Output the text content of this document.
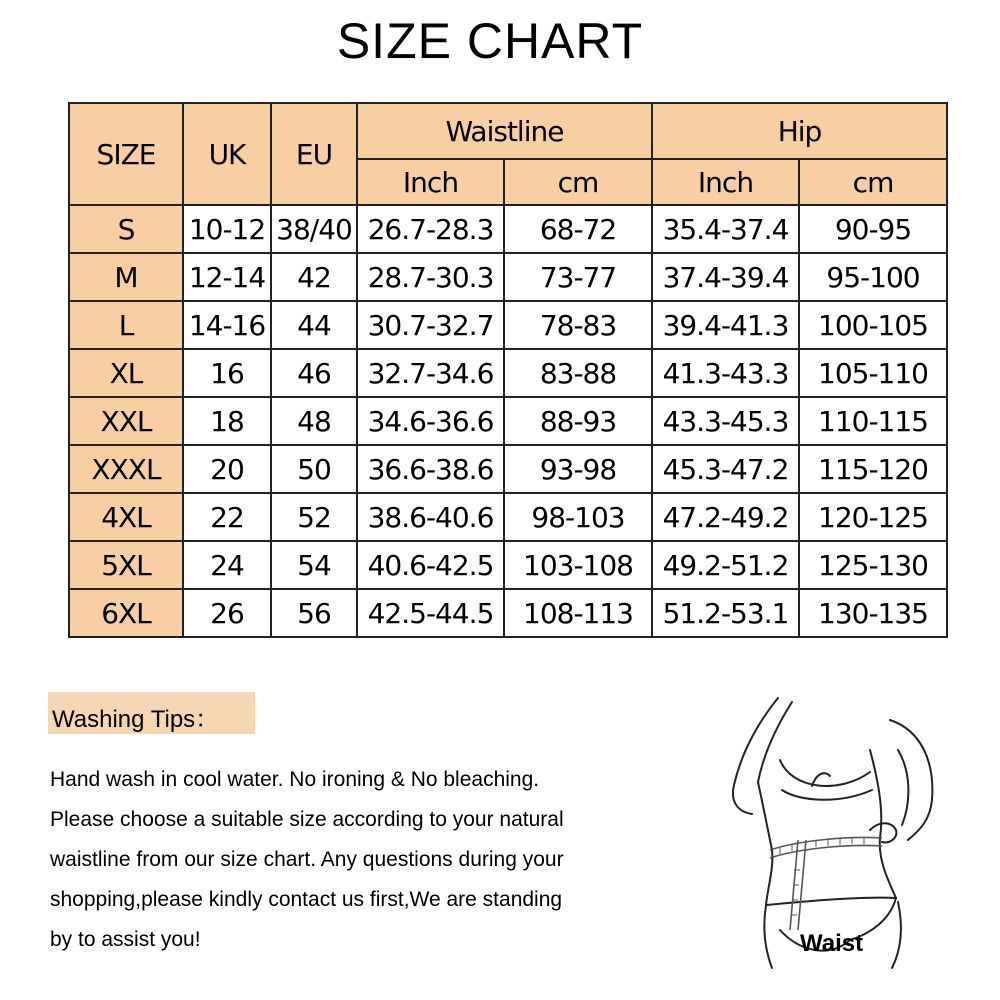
SIZE CHART
SIZE	UK	EU	Waistline		Hip	
			Inch	cm	Inch	cm
S	10-12	38/40	26.7-28.3	68-72	35.4-37.4	90-95
M	12-14	42	28.7-30.3	73-77	37.4-39.4	95-100
L	14-16	44	30.7-32.7	78-83	39.4-41.3	100-105
XL	16	46	32.7-34.6	83-88	41.3-43.3	105-110
XXL	18	48	34.6-36.6	88-93	43.3-45.3	110-115
XXXL	20	50	36.6-38.6	93-98	45.3-47.2	115-120
4XL	22	52	38.6-40.6	98-103	47.2-49.2	120-125
5XL	24	54	40.6-42.5	103-108	49.2-51.2	125-130
6XL	26	56	42.5-44.5	108-113	51.2-53.1	130-135
Washing Tips：

Hand wash in cool water. No ironing & No bleaching.

Please choose a suitable size according to your natural

waistline from our size chart. Any questions during your

shopping,please kindly contact us first,We are standing

by to assist you!	Waist
